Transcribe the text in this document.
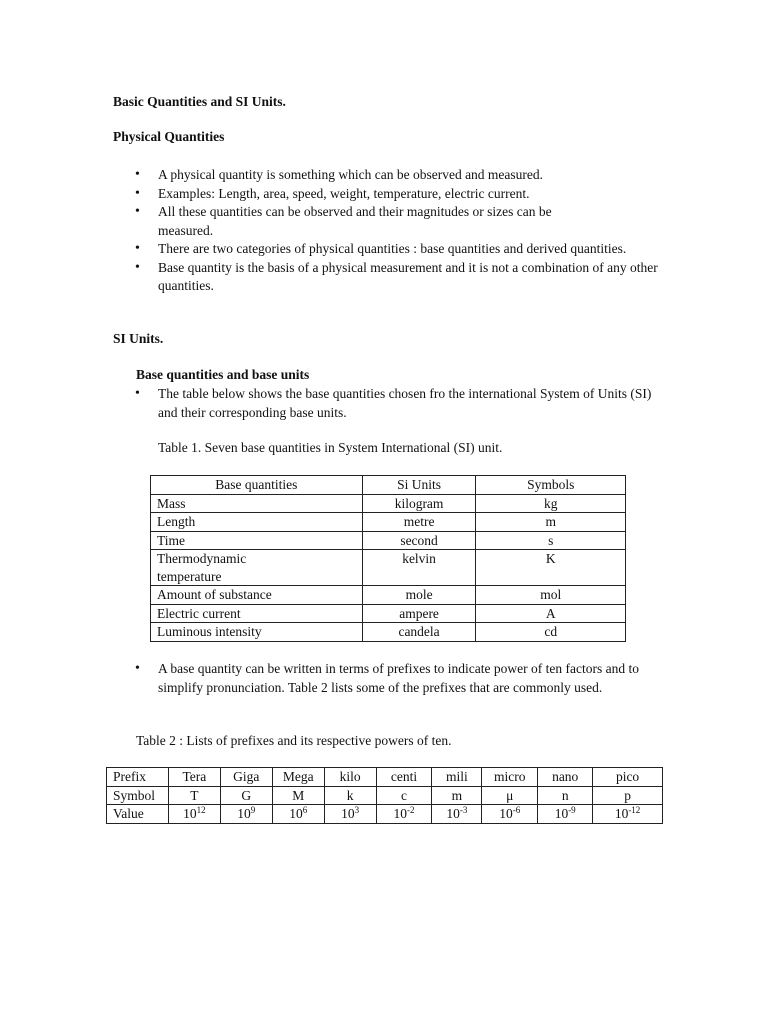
Basic Quantities and SI Units.
Physical Quantities
• A physical quantity is something which can be observed and measured.
• Examples: Length, area, speed, weight, temperature, electric current.
• All these quantities can be observed and their magnitudes or sizes can be measured.
• There are two categories of physical quantities : base quantities and derived quantities.
• Base quantity is the basis of a physical measurement and it is not a combination of any other quantities.
SI Units.
Base quantities and base units
• The table below shows the base quantities chosen fro the international System of Units (SI) and their corresponding base units.
Table 1. Seven base quantities in System International (SI) unit.
Base quantities	Si Units	Symbols
Mass	kilogram	kg
Length	metre	m
Time	second	s
Thermodynamic temperature	kelvin	K
Amount of substance	mole	mol
Electric current	ampere	A
Luminous intensity	candela	cd
• A base quantity can be written in terms of prefixes to indicate power of ten factors and to simplify pronunciation. Table 2 lists some of the prefixes that are commonly used.
Table 2 : Lists of prefixes and its respective powers of ten.
Prefix	Tera	Giga	Mega	kilo	centi	mili	micro	nano	pico
Symbol	T	G	M	k	c	m	μ	n	p
Value	$10^{12}$	$10^9$	$10^6$	$10^3$	$10^{-2}$	$10^{-3}$	$10^{-6}$	$10^{-9}$	$10^{-12}$
